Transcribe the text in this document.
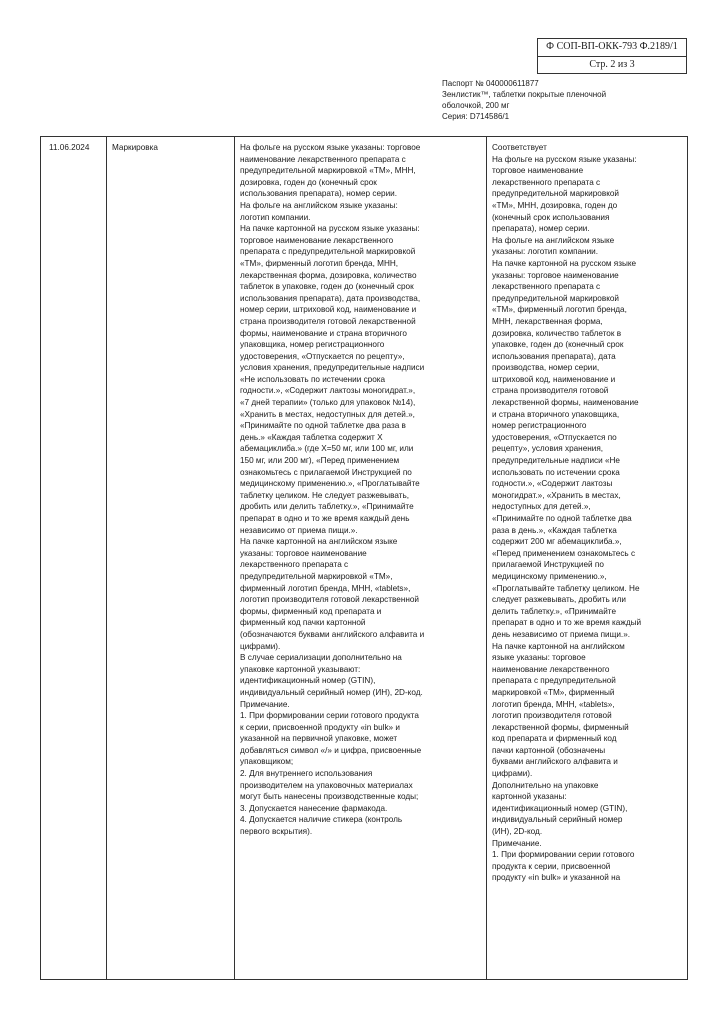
Ф СОП-ВП-ОКК-793 Ф.2189/1
Стр. 2 из 3
Паспорт № 040000611877
Зенлистик™, таблетки покрытые пленочной
оболочкой, 200 мг
Серия: D714586/1
11.06.2024	Маркировка	На фольге на русском языке указаны: торговое
наименование лекарственного препарата с
предупредительной маркировкой «TM», МНН,
дозировка, годен до (конечный срок
использования препарата), номер серии.
На фольге на английском языке указаны:
логотип компании.
На пачке картонной на русском языке указаны:
торговое наименование лекарственного
препарата с предупредительной маркировкой
«TM», фирменный логотип бренда, МНН,
лекарственная форма, дозировка, количество
таблеток в упаковке, годен до (конечный срок
использования препарата), дата производства,
номер серии, штриховой код, наименование и
страна производителя готовой лекарственной
формы, наименование и страна вторичного
упаковщика, номер регистрационного
удостоверения, «Отпускается по рецепту»,
условия хранения, предупредительные надписи
«Не использовать по истечении срока
годности.», «Содержит лактозы моногидрат.»,
«7 дней терапии» (только для упаковок №14),
«Хранить в местах, недоступных для детей.»,
«Принимайте по одной таблетке два раза в
день.» «Каждая таблетка содержит X
абемациклиба.» (где X=50 мг, или 100 мг, или
150 мг, или 200 мг), «Перед применением
ознакомьтесь с прилагаемой Инструкцией по
медицинскому применению.», «Проглатывайте
таблетку целиком. Не следует разжевывать,
дробить или делить таблетку.», «Принимайте
препарат в одно и то же время каждый день
независимо от приема пищи.».
На пачке картонной на английском языке
указаны: торговое наименование
лекарственного препарата с
предупредительной маркировкой «TM»,
фирменный логотип бренда, МНН, «tablets»,
логотип производителя готовой лекарственной
формы, фирменный код препарата и
фирменный код пачки картонной
(обозначаются буквами английского алфавита и
цифрами).
В случае сериализации дополнительно на
упаковке картонной указывают:
идентификационный номер (GTIN),
индивидуальный серийный номер (ИН), 2D-код.
Примечание.
1. При формировании серии готового продукта
к серии, присвоенной продукту «in bulk» и
указанной на первичной упаковке, может
добавляться символ «/» и цифра, присвоенные
упаковщиком;
2. Для внутреннего использования
производителем на упаковочных материалах
могут быть нанесены производственные коды;
3. Допускается нанесение фармакода.
4. Допускается наличие стикера (контроль
первого вскрытия).
Соответствует
На фольге на русском языке указаны:
торговое наименование
лекарственного препарата с
предупредительной маркировкой
«TM», МНН, дозировка, годен до
(конечный срок использования
препарата), номер серии.
На фольге на английском языке
указаны: логотип компании.
На пачке картонной на русском языке
указаны: торговое наименование
лекарственного препарата с
предупредительной маркировкой
«TM», фирменный логотип бренда,
МНН, лекарственная форма,
дозировка, количество таблеток в
упаковке, годен до (конечный срок
использования препарата), дата
производства, номер серии,
штриховой код, наименование и
страна производителя готовой
лекарственной формы, наименование
и страна вторичного упаковщика,
номер регистрационного
удостоверения, «Отпускается по
рецепту», условия хранения,
предупредительные надписи «Не
использовать по истечении срока
годности.», «Содержит лактозы
моногидрат.», «Хранить в местах,
недоступных для детей.»,
«Принимайте по одной таблетке два
раза в день.», «Каждая таблетка
содержит 200 мг абемациклиба.»,
«Перед применением ознакомьтесь с
прилагаемой Инструкцией по
медицинскому применению.»,
«Проглатывайте таблетку целиком. Не
следует разжевывать, дробить или
делить таблетку.», «Принимайте
препарат в одно и то же время каждый
день независимо от приема пищи.».
На пачке картонной на английском
языке указаны: торговое
наименование лекарственного
препарата с предупредительной
маркировкой «TM», фирменный
логотип бренда, МНН, «tablets»,
логотип производителя готовой
лекарственной формы, фирменный
код препарата и фирменный код
пачки картонной (обозначены
буквами английского алфавита и
цифрами).
Дополнительно на упаковке
картонной указаны:
идентификационный номер (GTIN),
индивидуальный серийный номер
(ИН), 2D-код.
Примечание.
1. При формировании серии готового
продукта к серии, присвоенной
продукту «in bulk» и указанной на
